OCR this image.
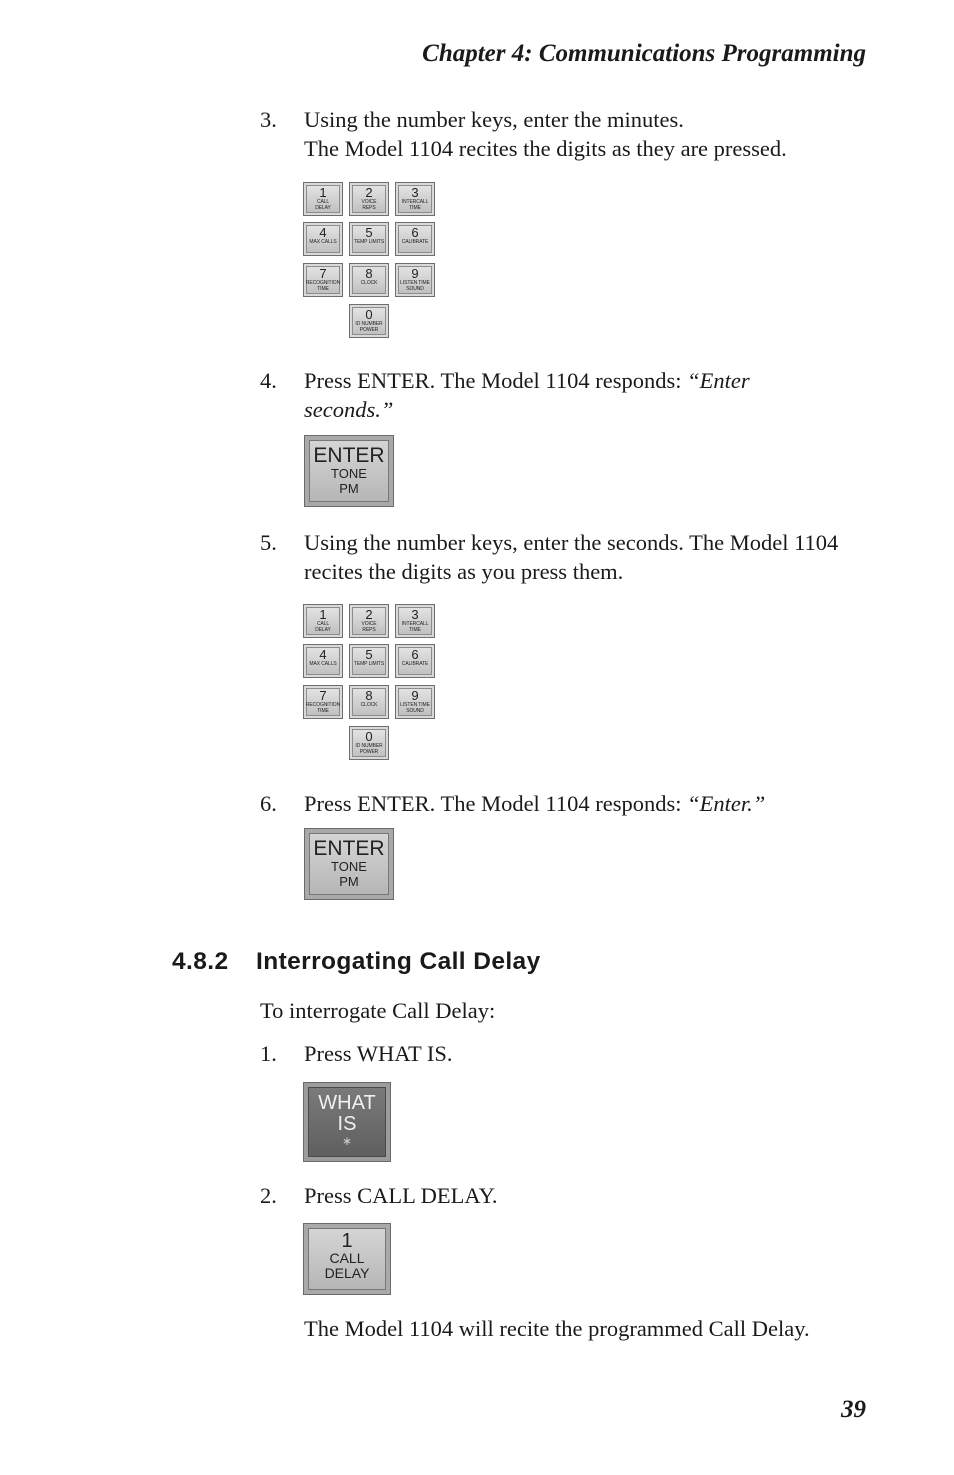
Chapter 4: Communications Programming
3. Using the number keys, enter the minutes.
The Model 1104 recites the digits as they are pressed.
1
CALL
DELAY
2
VOICE
REPS
3
INTERCALL
TIME
4
MAX CALLS
5
TEMP LIMITS
6
CALIBRATE
7
RECOGNITION
TIME
8
CLOCK
9
LISTEN TIME
SOUND
0
ID NUMBER
POWER
4. Press ENTER. The Model 1104 responds: “Enter seconds.”
ENTER
TONE
PM
5. Using the number keys, enter the seconds. The Model 1104 recites the digits as you press them.
1
CALL
DELAY
2
VOICE
REPS
3
INTERCALL
TIME
4
MAX CALLS
5
TEMP LIMITS
6
CALIBRATE
7
RECOGNITION
TIME
8
CLOCK
9
LISTEN TIME
SOUND
0
ID NUMBER
POWER
6. Press ENTER. The Model 1104 responds: “Enter.”
ENTER
TONE
PM
4.8.2 Interrogating Call Delay
To interrogate Call Delay:
1. Press WHAT IS.
WHAT
IS
∗
2. Press CALL DELAY.
1
CALL
DELAY
The Model 1104 will recite the programmed Call Delay.
39
